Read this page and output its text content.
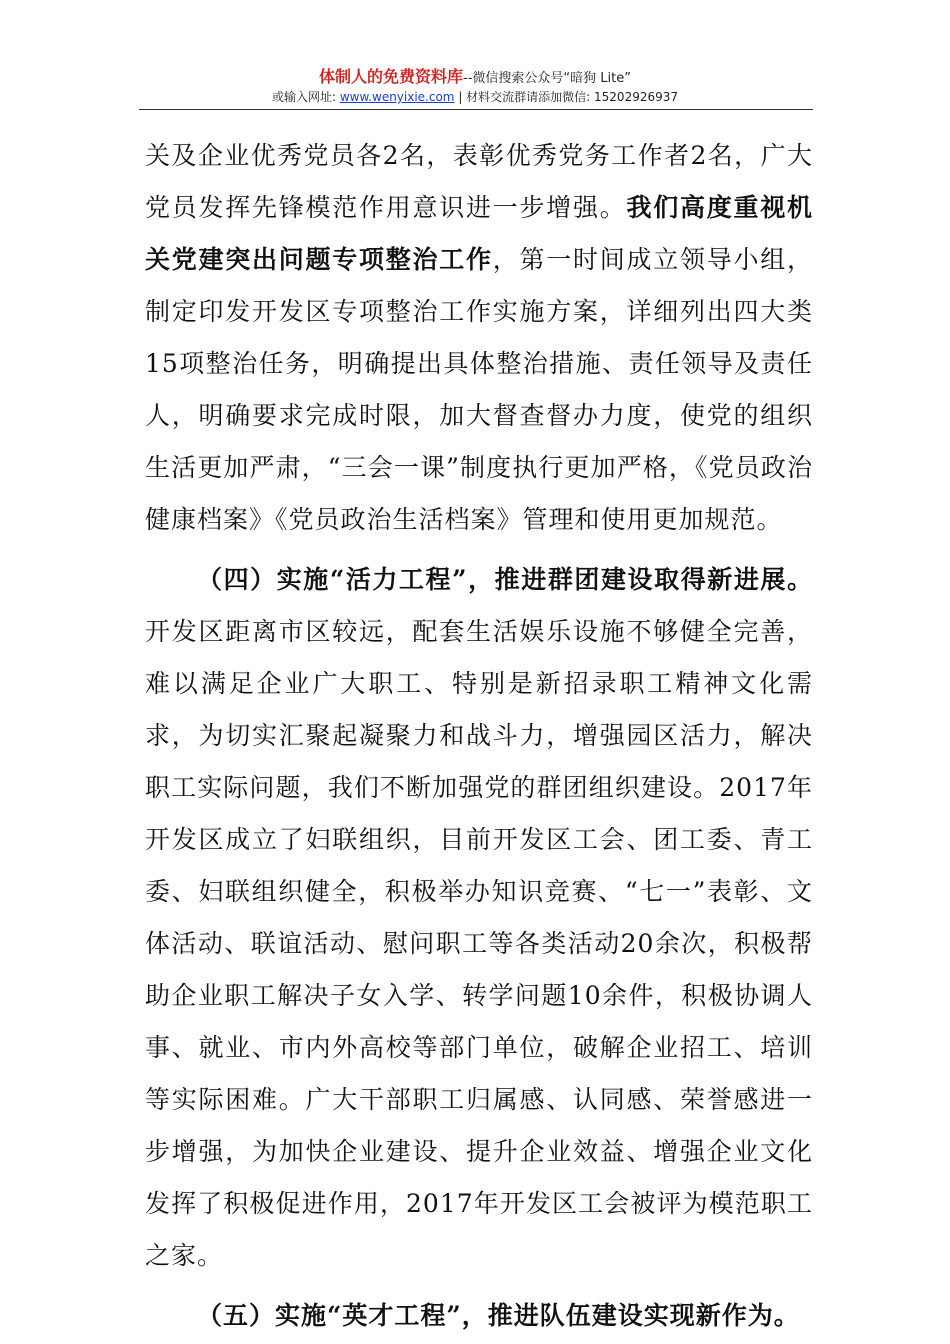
体制人的免费资料库--微信搜索公众号“暗狗 Lite”
或输入网址: www.wenyixie.com | 材料交流群请添加微信: 15202926937

关及企业优秀党员各2名，表彰优秀党务工作者2名，广大党员发挥先锋模范作用意识进一步增强。我们高度重视机关党建突出问题专项整治工作，第一时间成立领导小组，制定印发开发区专项整治工作实施方案，详细列出四大类15项整治任务，明确提出具体整治措施、责任领导及责任人，明确要求完成时限，加大督查督办力度，使党的组织生活更加严肃，“三会一课”制度执行更加严格，《党员政治健康档案》《党员政治生活档案》管理和使用更加规范。

（四）实施“活力工程”，推进群团建设取得新进展。开发区距离市区较远，配套生活娱乐设施不够健全完善，难以满足企业广大职工、特别是新招录职工精神文化需求，为切实汇聚起凝聚力和战斗力，增强园区活力，解决职工实际问题，我们不断加强党的群团组织建设。2017年开发区成立了妇联组织，目前开发区工会、团工委、青工委、妇联组织健全，积极举办知识竞赛、“七一”表彰、文体活动、联谊活动、慰问职工等各类活动20余次，积极帮助企业职工解决子女入学、转学问题10余件，积极协调人事、就业、市内外高校等部门单位，破解企业招工、培训等实际困难。广大干部职工归属感、认同感、荣誉感进一步增强，为加快企业建设、提升企业效益、增强企业文化发挥了积极促进作用，2017年开发区工会被评为模范职工之家。

（五）实施“英才工程”，推进队伍建设实现新作为。
